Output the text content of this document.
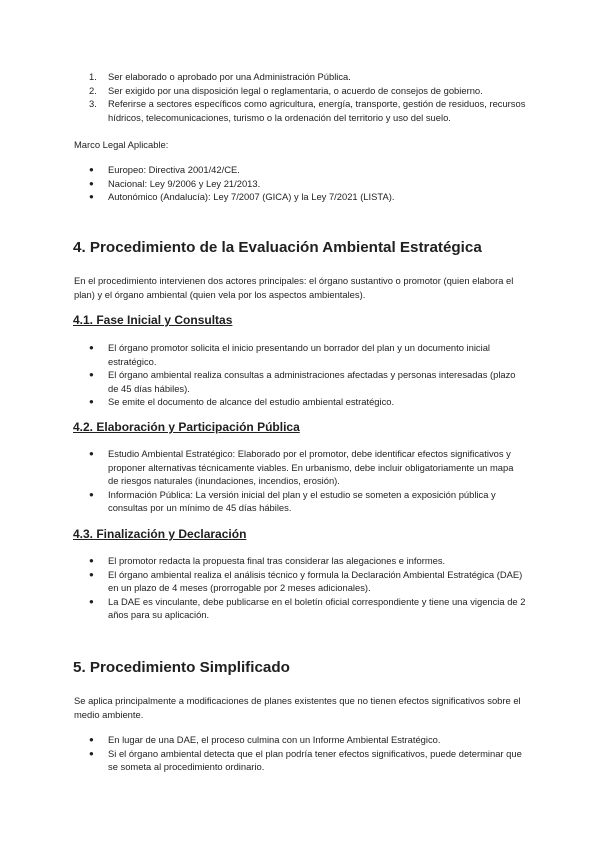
1. Ser elaborado o aprobado por una Administración Pública.
2. Ser exigido por una disposición legal o reglamentaria, o acuerdo de consejos de gobierno.
3. Referirse a sectores específicos como agricultura, energía, transporte, gestión de residuos, recursos hídricos, telecomunicaciones, turismo o la ordenación del territorio y uso del suelo.

Marco Legal Aplicable:

● Europeo: Directiva 2001/42/CE.
● Nacional: Ley 9/2006 y Ley 21/2013.
● Autonómico (Andalucía): Ley 7/2007 (GICA) y la Ley 7/2021 (LISTA).
4. Procedimiento de la Evaluación Ambiental Estratégica

En el procedimiento intervienen dos actores principales: el órgano sustantivo o promotor (quien elabora el plan) y el órgano ambiental (quien vela por los aspectos ambientales).

4.1. Fase Inicial y Consultas
● El órgano promotor solicita el inicio presentando un borrador del plan y un documento inicial estratégico.
● El órgano ambiental realiza consultas a administraciones afectadas y personas interesadas (plazo de 45 días hábiles).
● Se emite el documento de alcance del estudio ambiental estratégico.
4.2. Elaboración y Participación Pública
● Estudio Ambiental Estratégico: Elaborado por el promotor, debe identificar efectos significativos y proponer alternativas técnicamente viables. En urbanismo, debe incluir obligatoriamente un mapa de riesgos naturales (inundaciones, incendios, erosión).
● Información Pública: La versión inicial del plan y el estudio se someten a exposición pública y consultas por un mínimo de 45 días hábiles.
4.3. Finalización y Declaración
● El promotor redacta la propuesta final tras considerar las alegaciones e informes.
● El órgano ambiental realiza el análisis técnico y formula la Declaración Ambiental Estratégica (DAE) en un plazo de 4 meses (prorrogable por 2 meses adicionales).
● La DAE es vinculante, debe publicarse en el boletín oficial correspondiente y tiene una vigencia de 2 años para su aplicación.
5. Procedimiento Simplificado

Se aplica principalmente a modificaciones de planes existentes que no tienen efectos significativos sobre el medio ambiente.

● En lugar de una DAE, el proceso culmina con un Informe Ambiental Estratégico.
● Si el órgano ambiental detecta que el plan podría tener efectos significativos, puede determinar que se someta al procedimiento ordinario.
